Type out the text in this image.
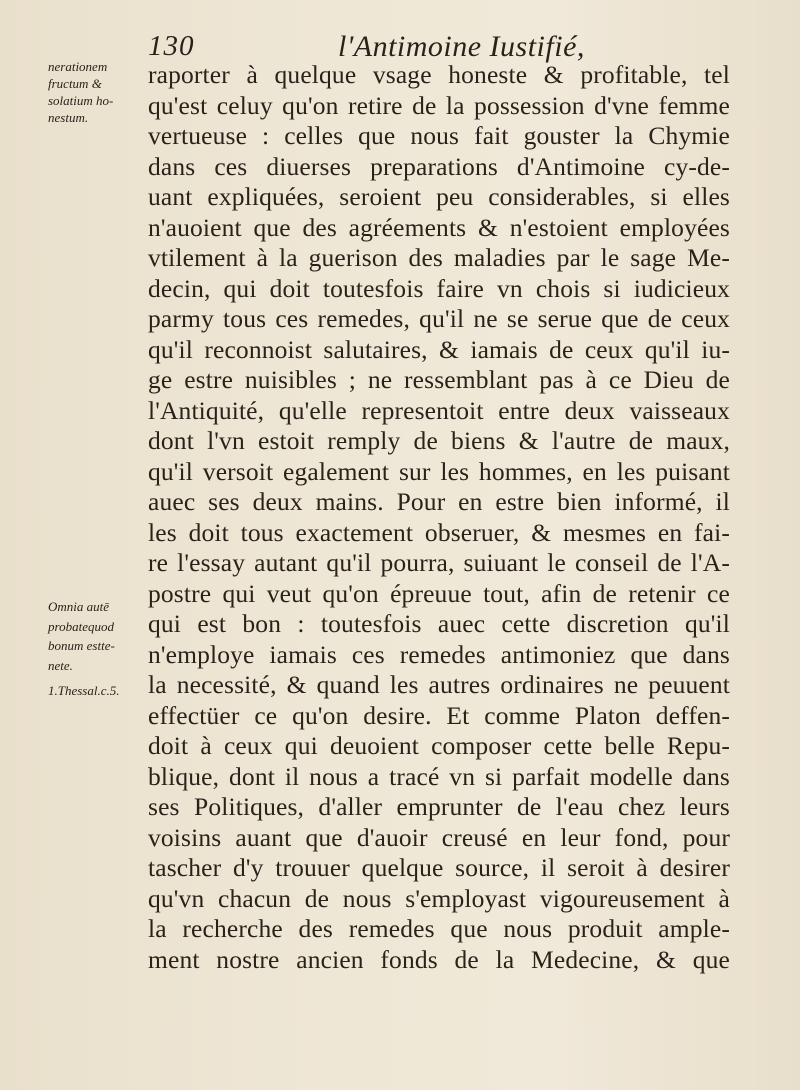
130	l'Antimoine Iustifié,
nerationem
fructum &
solatium ho-
nestum.
Omnia autē
probatequod
bonum estte-
nete.
1.Thessal.c.5.
raporter à quelque vsage honeste & profitable, tel
qu'est celuy qu'on retire de la possession d'vne femme
vertueuse : celles que nous fait gouster la Chymie
dans ces diuerses preparations d'Antimoine cy-de-
uant expliquées, seroient peu considerables, si elles
n'auoient que des agréements & n'estoient employées
vtilement à la guerison des maladies par le sage Me-
decin, qui doit toutesfois faire vn chois si iudicieux
parmy tous ces remedes, qu'il ne se serue que de ceux
qu'il reconnoist salutaires, & iamais de ceux qu'il iu-
ge estre nuisibles ; ne ressemblant pas à ce Dieu de
l'Antiquité, qu'elle representoit entre deux vaisseaux
dont l'vn estoit remply de biens & l'autre de maux,
qu'il versoit egalement sur les hommes, en les puisant
auec ses deux mains. Pour en estre bien informé, il
les doit tous exactement obseruer, & mesmes en fai-
re l'essay autant qu'il pourra, suiuant le conseil de l'A-
postre qui veut qu'on épreuue tout, afin de retenir ce
qui est bon : toutesfois auec cette discretion qu'il
n'employe iamais ces remedes antimoniez que dans
la necessité, & quand les autres ordinaires ne peuuent
effectüer ce qu'on desire. Et comme Platon deffen-
doit à ceux qui deuoient composer cette belle Repu-
blique, dont il nous a tracé vn si parfait modelle dans
ses Politiques, d'aller emprunter de l'eau chez leurs
voisins auant que d'auoir creusé en leur fond, pour
tascher d'y trouuer quelque source, il seroit à desirer
qu'vn chacun de nous s'employast vigoureusement à
la recherche des remedes que nous produit ample-
ment nostre ancien fonds de la Medecine, & que
